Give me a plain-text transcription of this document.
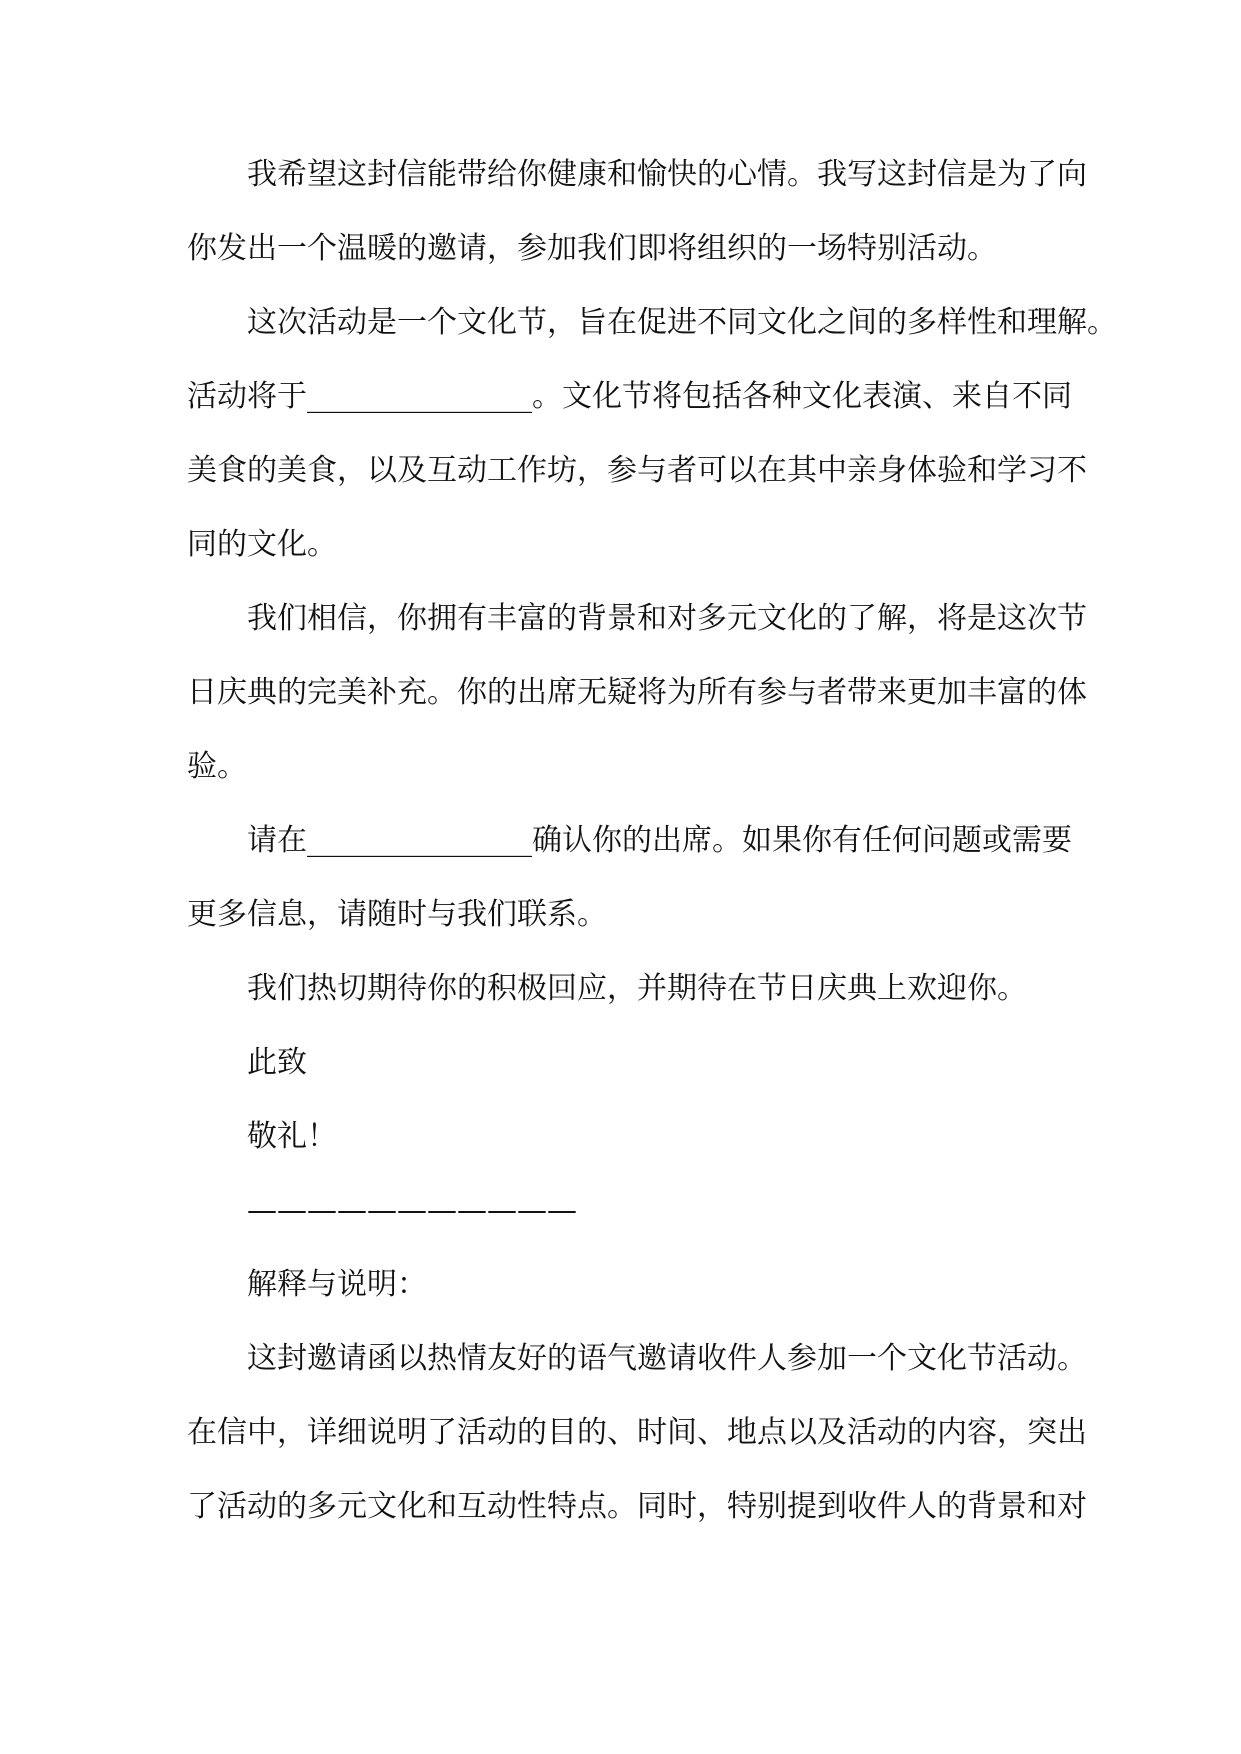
我希望这封信能带给你健康和愉快的心情。我写这封信是为了向
你发出一个温暖的邀请，参加我们即将组织的一场特别活动。
这次活动是一个文化节，旨在促进不同文化之间的多样性和理解。
活动将于_______________。文化节将包括各种文化表演、来自不同
美食的美食，以及互动工作坊，参与者可以在其中亲身体验和学习不
同的文化。
我们相信，你拥有丰富的背景和对多元文化的了解，将是这次节
日庆典的完美补充。你的出席无疑将为所有参与者带来更加丰富的体
验。
请在_______________确认你的出席。如果你有任何问题或需要
更多信息，请随时与我们联系。
我们热切期待你的积极回应，并期待在节日庆典上欢迎你。
此致
敬礼！
———————————
解释与说明：
这封邀请函以热情友好的语气邀请收件人参加一个文化节活动。
在信中，详细说明了活动的目的、时间、地点以及活动的内容，突出
了活动的多元文化和互动性特点。同时，特别提到收件人的背景和对
